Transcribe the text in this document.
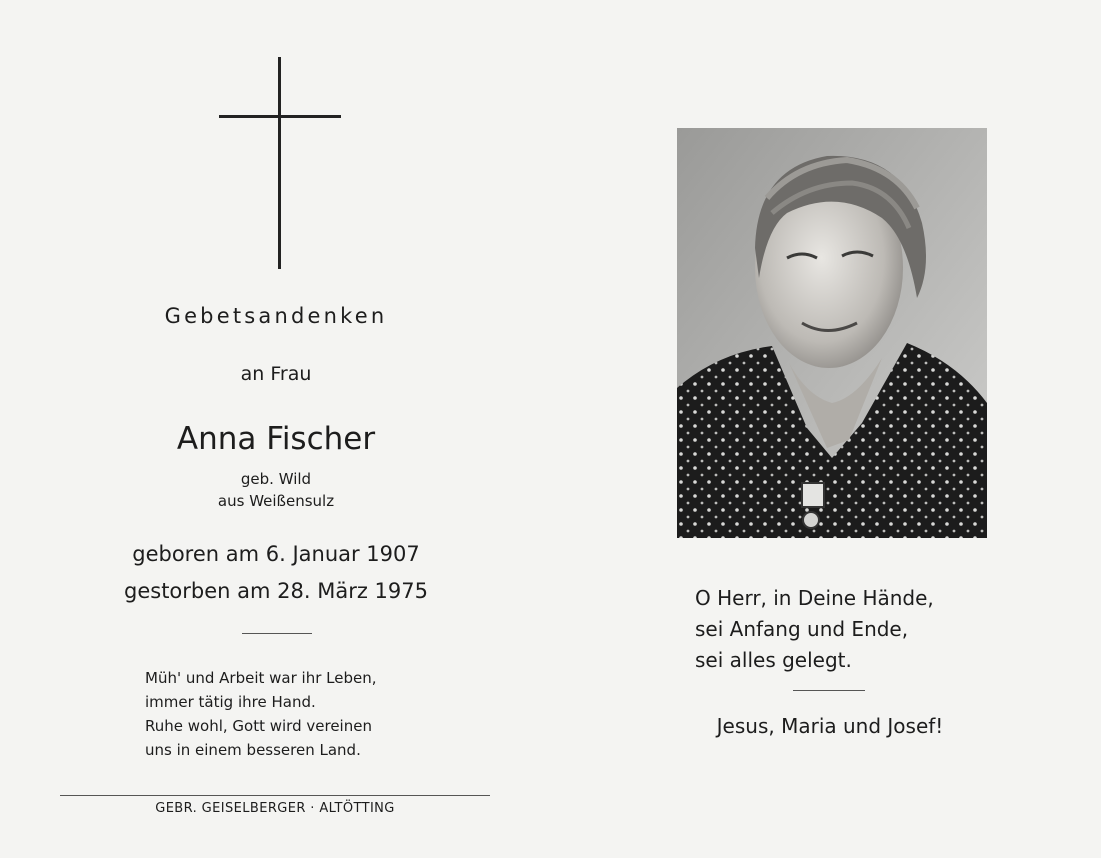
Gebetsandenken
an Frau
Anna Fischer
geb. Wild
aus Weißensulz
geboren am 6. Januar 1907
gestorben am 28. März 1975
Müh' und Arbeit war ihr Leben,
immer tätig ihre Hand.
Ruhe wohl, Gott wird vereinen
uns in einem besseren Land.
GEBR. GEISELBERGER · ALTÖTTING
O Herr, in Deine Hände,
sei Anfang und Ende,
sei alles gelegt.
Jesus, Maria und Josef!
